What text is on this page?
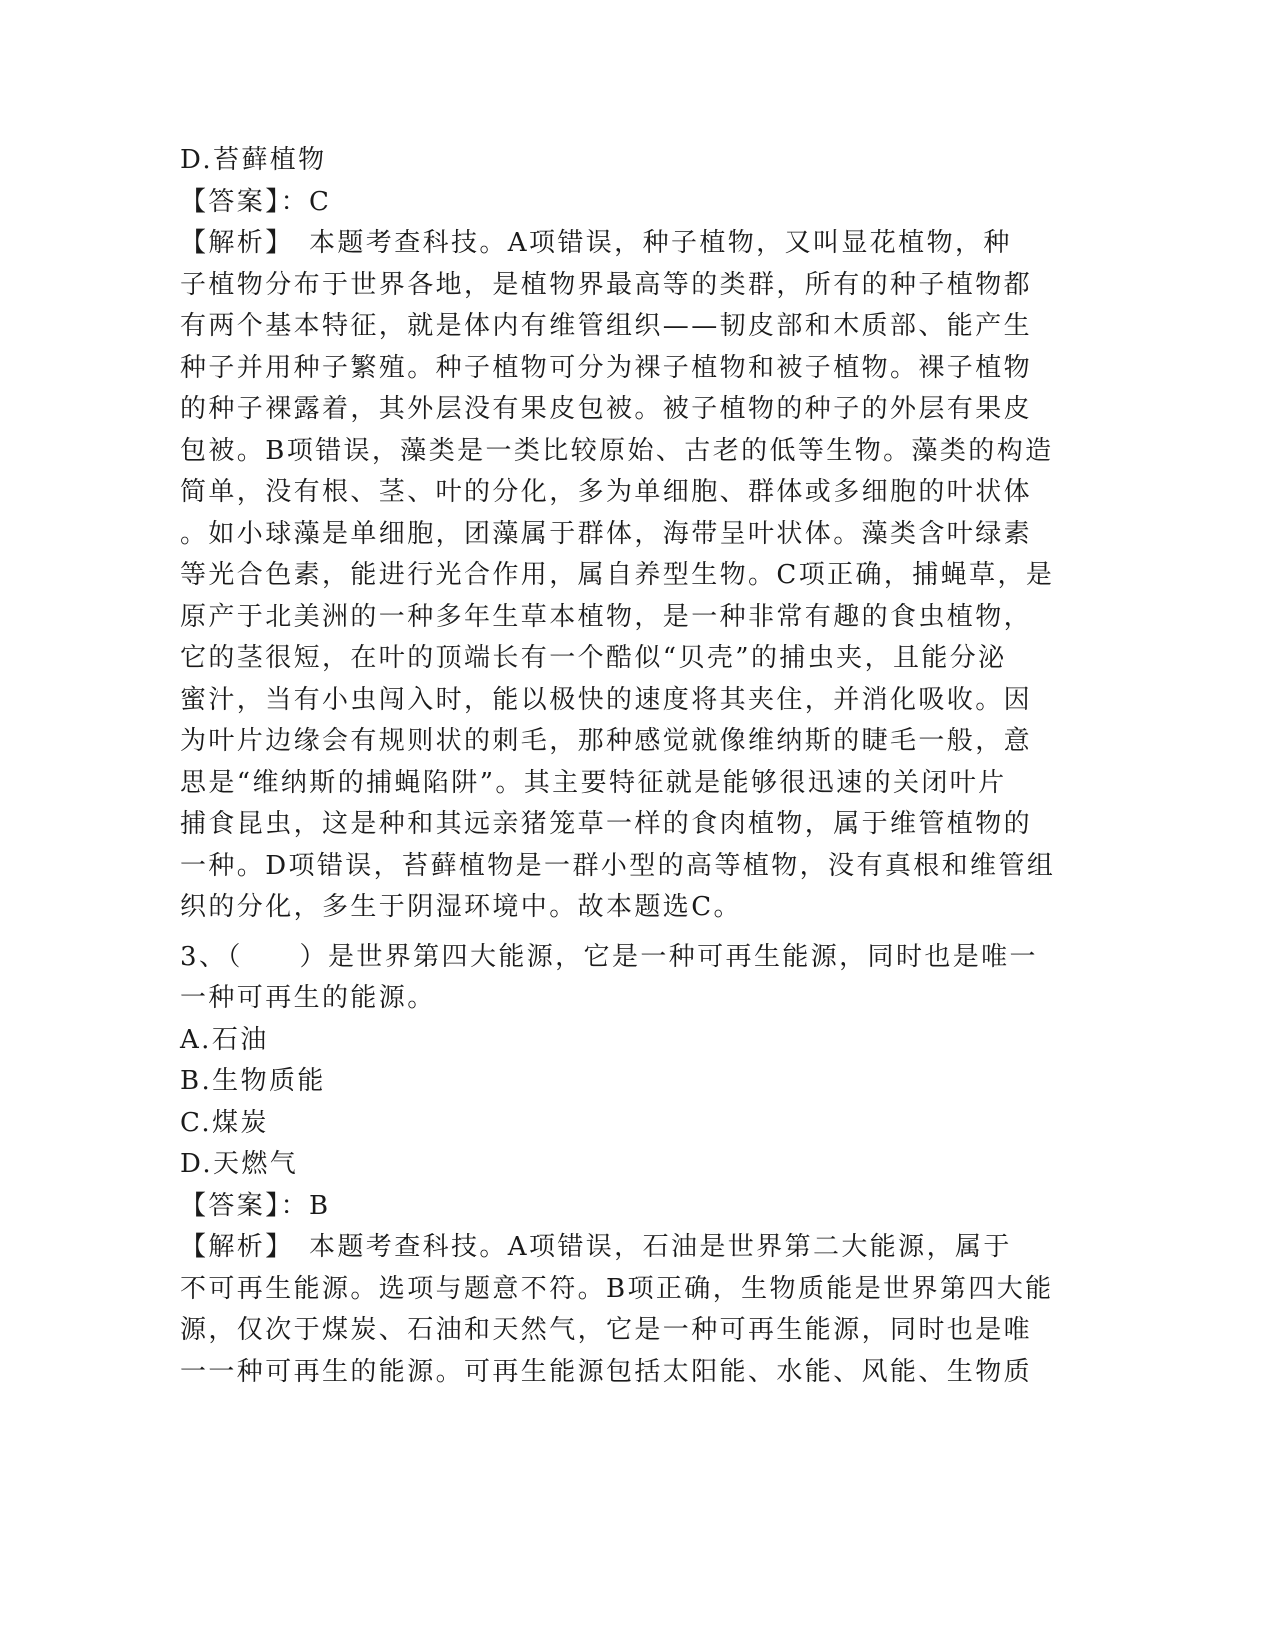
D.苔藓植物
【答案】：C
【解析】　本题考查科技。A项错误，种子植物，又叫显花植物，种
子植物分布于世界各地，是植物界最高等的类群，所有的种子植物都
有两个基本特征，就是体内有维管组织——韧皮部和木质部、能产生
种子并用种子繁殖。种子植物可分为裸子植物和被子植物。裸子植物
的种子裸露着，其外层没有果皮包被。被子植物的种子的外层有果皮
包被。B项错误，藻类是一类比较原始、古老的低等生物。藻类的构造
简单，没有根、茎、叶的分化，多为单细胞、群体或多细胞的叶状体
。如小球藻是单细胞，团藻属于群体，海带呈叶状体。藻类含叶绿素
等光合色素，能进行光合作用，属自养型生物。C项正确，捕蝇草，是
原产于北美洲的一种多年生草本植物，是一种非常有趣的食虫植物，
它的茎很短，在叶的顶端长有一个酷似“贝壳”的捕虫夹，且能分泌
蜜汁，当有小虫闯入时，能以极快的速度将其夹住，并消化吸收。因
为叶片边缘会有规则状的刺毛，那种感觉就像维纳斯的睫毛一般，意
思是“维纳斯的捕蝇陷阱”。其主要特征就是能够很迅速的关闭叶片
捕食昆虫，这是种和其远亲猪笼草一样的食肉植物，属于维管植物的
一种。D项错误，苔藓植物是一群小型的高等植物，没有真根和维管组
织的分化，多生于阴湿环境中。故本题选C。
3、（　　）是世界第四大能源，它是一种可再生能源，同时也是唯一
一种可再生的能源。
A.石油
B.生物质能
C.煤炭
D.天燃气
【答案】：B
【解析】　本题考查科技。A项错误，石油是世界第二大能源，属于
不可再生能源。选项与题意不符。B项正确，生物质能是世界第四大能
源，仅次于煤炭、石油和天然气，它是一种可再生能源，同时也是唯
一一种可再生的能源。可再生能源包括太阳能、水能、风能、生物质
